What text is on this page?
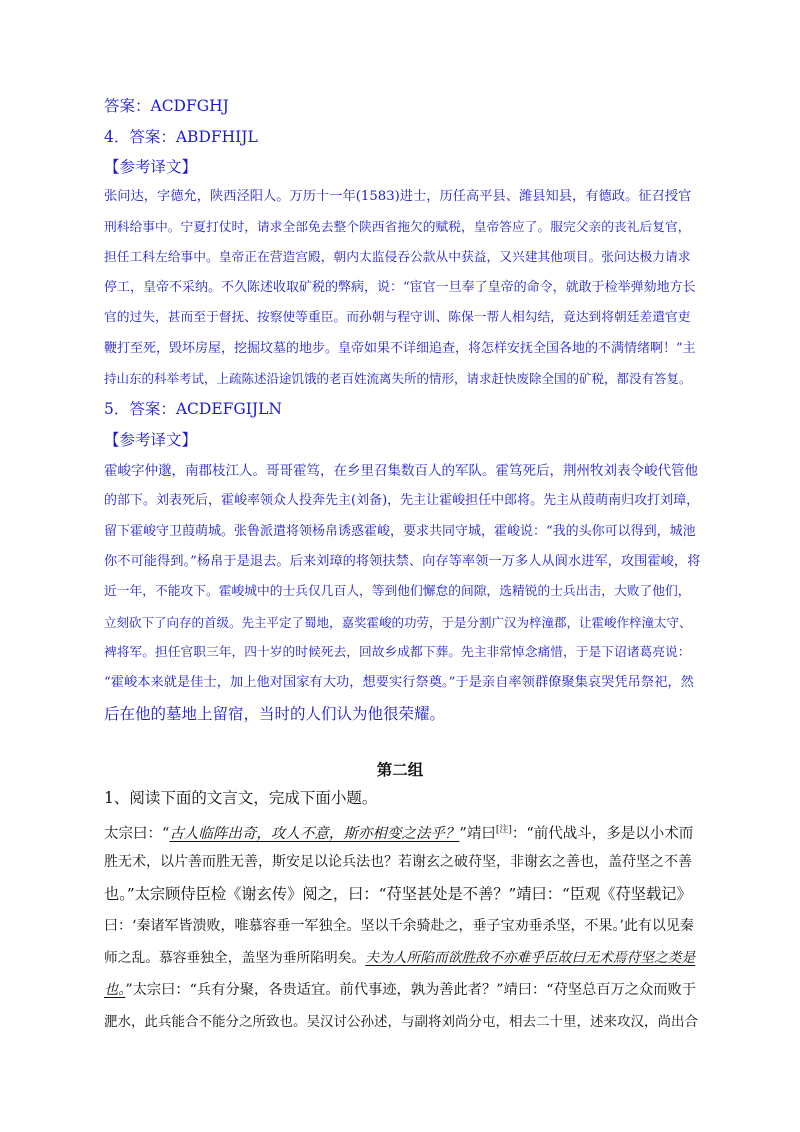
答案：ACDFGHJ
4．答案：ABDFHIJL
【参考译文】
张问达，字德允，陕西泾阳人。万历十一年(1583)进士，历任高平县、潍县知县，有德政。征召授官
刑科给事中。宁夏打仗时，请求全部免去整个陕西省拖欠的赋税，皇帝答应了。服完父亲的丧礼后复官，
担任工科左给事中。皇帝正在营造宫殿，朝内太监侵吞公款从中获益，又兴建其他项目。张问达极力请求
停工，皇帝不采纳。不久陈述收取矿税的弊病，说：“宦官一旦奉了皇帝的命令，就敢于检举弹劾地方长
官的过失，甚而至于督抚、按察使等重臣。而孙朝与程守训、陈保一帮人相勾结，竟达到将朝廷差遣官吏
鞭打至死，毁坏房屋，挖掘坟墓的地步。皇帝如果不详细追查，将怎样安抚全国各地的不满情绪啊！”主
持山东的科举考试，上疏陈述沿途饥饿的老百姓流离失所的情形，请求赶快废除全国的矿税，都没有答复。
5．答案：ACDEFGIJLN
【参考译文】
霍峻字仲邈，南郡枝江人。哥哥霍笃，在乡里召集数百人的军队。霍笃死后，荆州牧刘表令峻代管他
的部下。刘表死后，霍峻率领众人投奔先主(刘备)，先主让霍峻担任中郎将。先主从葭萌南归攻打刘璋，
留下霍峻守卫葭萌城。张鲁派遣将领杨帛诱惑霍峻，要求共同守城，霍峻说：“我的头你可以得到，城池
你不可能得到。”杨帛于是退去。后来刘璋的将领扶禁、向存等率领一万多人从阆水进军，攻围霍峻，将
近一年，不能攻下。霍峻城中的士兵仅几百人，等到他们懈怠的间隙，选精锐的士兵出击，大败了他们，
立刻砍下了向存的首级。先主平定了蜀地，嘉奖霍峻的功劳，于是分割广汉为梓潼郡，让霍峻作梓潼太守、
裨将军。担任官职三年，四十岁的时候死去，回故乡成都下葬。先主非常悼念痛惜，于是下诏诸葛亮说：
“霍峻本来就是佳士，加上他对国家有大功，想要实行祭奠。”于是亲自率领群僚聚集哀哭凭吊祭祀，然
后在他的墓地上留宿，当时的人们认为他很荣耀。
第二组
1、阅读下面的文言文，完成下面小题。
太宗曰：“古人临阵出奇，攻人不意，斯亦相变之法乎？”靖曰[注]：“前代战斗，多是以小术而
胜无术，以片善而胜无善，斯安足以论兵法也？若谢玄之破苻坚，非谢玄之善也，盖苻坚之不善
也。”太宗顾侍臣检《谢玄传》阅之，曰：“苻坚甚处是不善？”靖曰：“臣观《苻坚载记》
曰：‘秦诸军皆溃败，唯慕容垂一军独全。坚以千余骑赴之，垂子宝劝垂杀坚，不果。’此有以见秦
师之乱。慕容垂独全，盖坚为垂所陷明矣。夫为人所陷而欲胜敌不亦难乎臣故曰无术焉苻坚之类是
也。”太宗曰：“兵有分聚，各贵适宜。前代事迹，孰为善此者？”靖曰：“苻坚总百万之众而败于
淝水，此兵能合不能分之所致也。吴汉讨公孙述，与副将刘尚分屯，相去二十里，述来攻汉，尚出合
